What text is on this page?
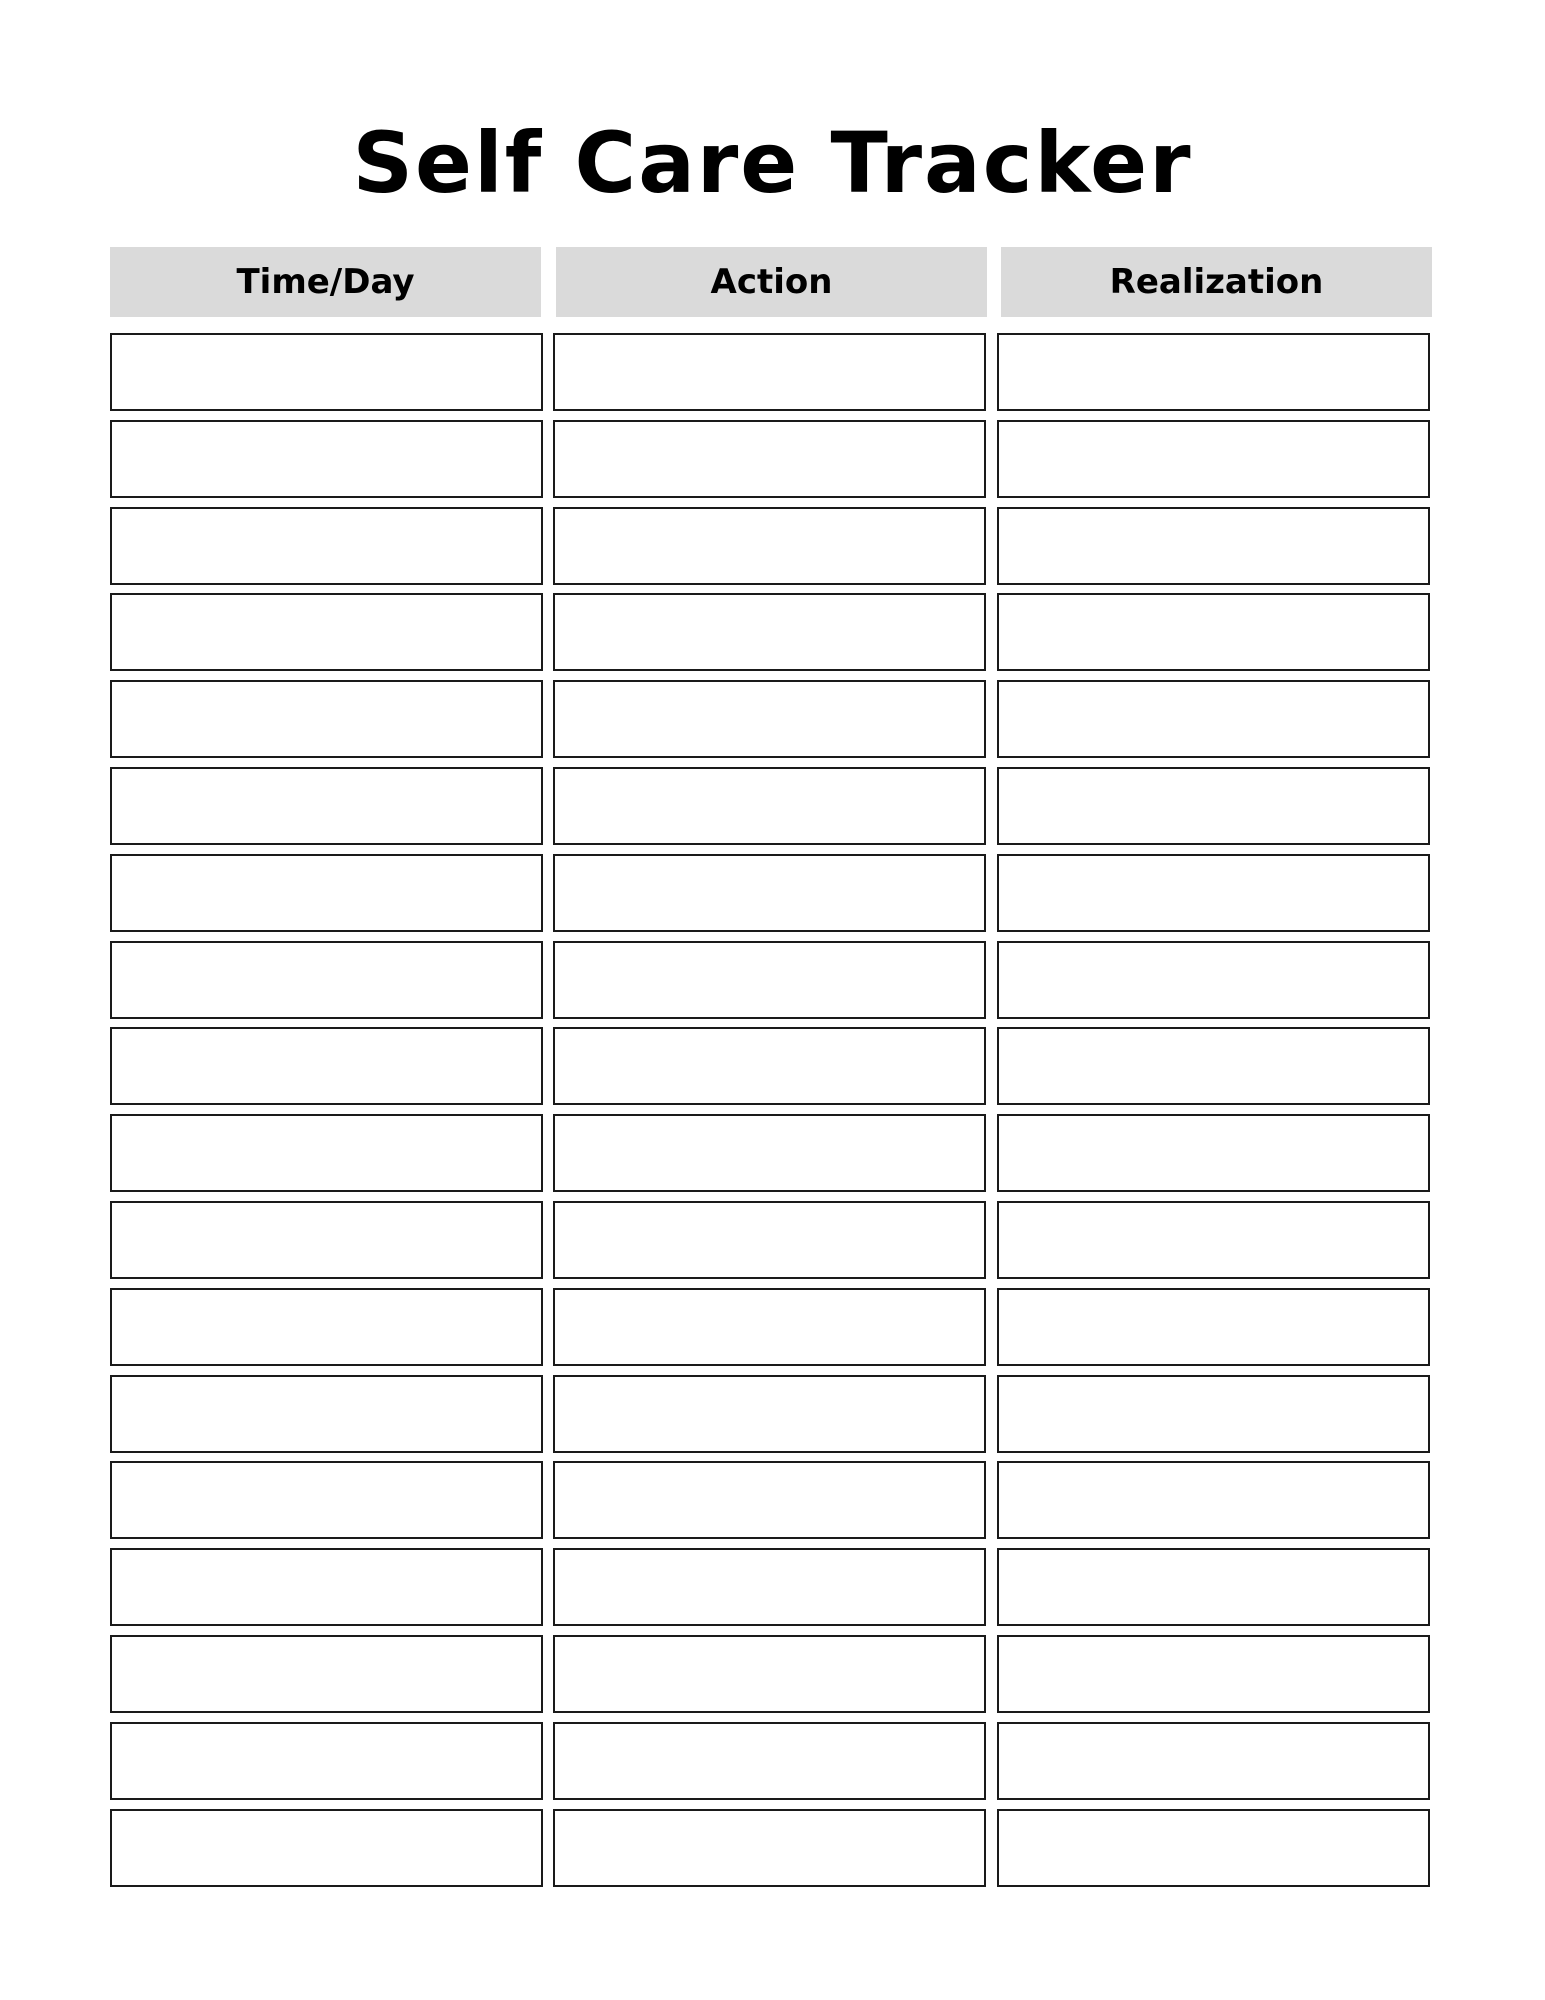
Self Care Tracker
Time/Day	Action	Realization
